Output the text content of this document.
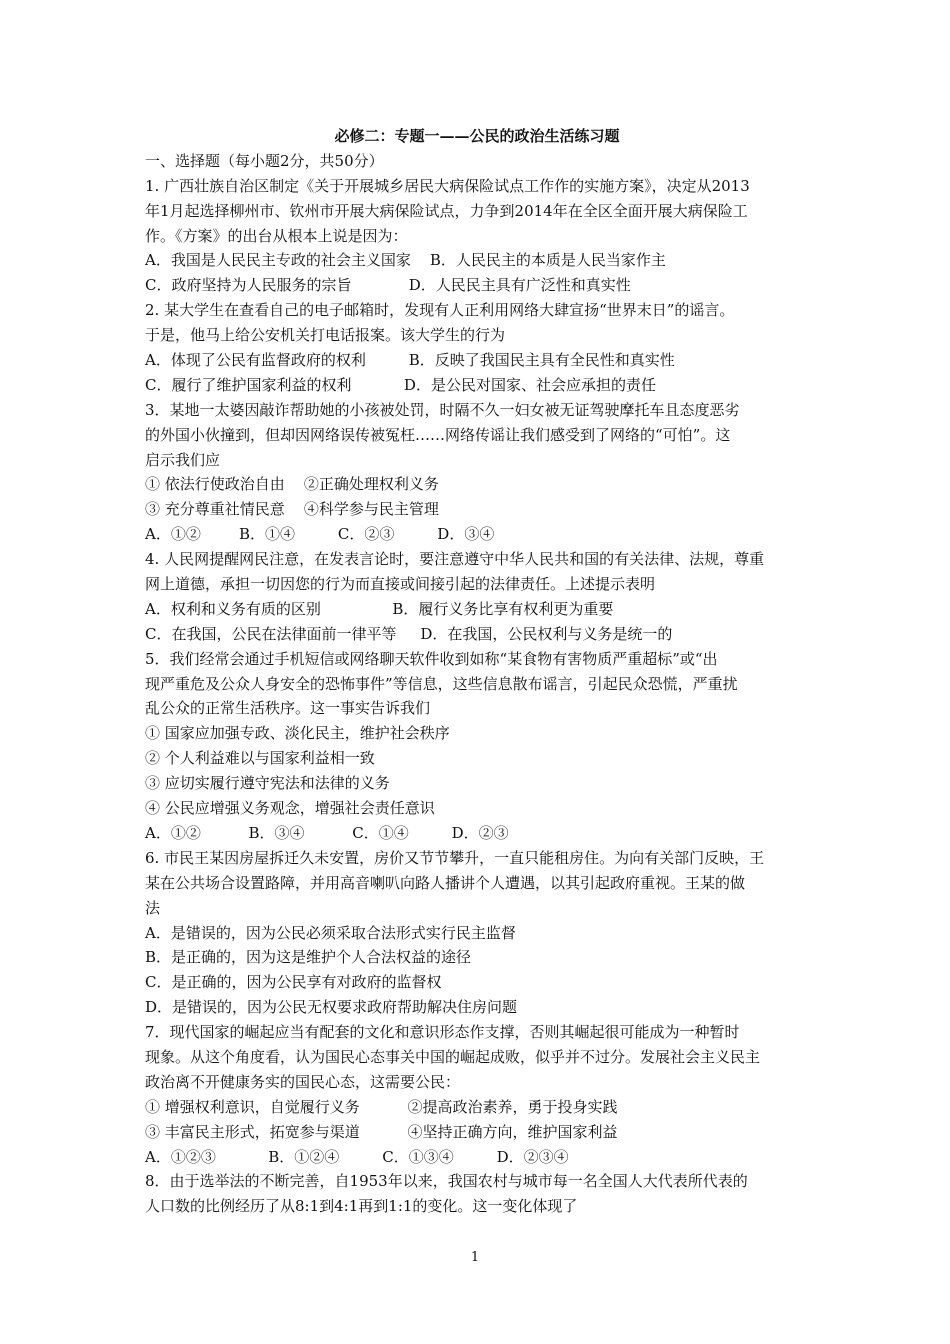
必修二：专题一——公民的政治生活练习题
一、选择题（每小题2分，共50分）
1. 广西壮族自治区制定《关于开展城乡居民大病保险试点工作作的实施方案》，决定从2013
年1月起选择柳州市、钦州市开展大病保险试点，力争到2014年在全区全面开展大病保险工
作。《方案》的出台从根本上说是因为：
A．我国是人民民主专政的社会主义国家    B．人民民主的本质是人民当家作主
C．政府坚持为人民服务的宗旨            D．人民民主具有广泛性和真实性
2. 某大学生在查看自己的电子邮箱时，发现有人正利用网络大肆宣扬“世界末日”的谣言。
于是，他马上给公安机关打电话报案。该大学生的行为
A．体现了公民有监督政府的权利         B．反映了我国民主具有全民性和真实性
C．履行了维护国家利益的权利           D．是公民对国家、社会应承担的责任
3．某地一太婆因敲诈帮助她的小孩被处罚，时隔不久一妇女被无证驾驶摩托车且态度恶劣
的外国小伙撞到，但却因网络误传被冤枉……网络传谣让我们感受到了网络的“可怕”。这
启示我们应
① 依法行使政治自由    ②正确处理权利义务
③ 充分尊重社情民意    ④科学参与民主管理
A．①②        B．①④         C．②③         D．③④
4. 人民网提醒网民注意，在发表言论时，要注意遵守中华人民共和国的有关法律、法规，尊重
网上道德，承担一切因您的行为而直接或间接引起的法律责任。上述提示表明
A．权利和义务有质的区别               B．履行义务比享有权利更为重要
C．在我国，公民在法律面前一律平等     D．在我国，公民权利与义务是统一的
5．我们经常会通过手机短信或网络聊天软件收到如称“某食物有害物质严重超标”或“出
现严重危及公众人身安全的恐怖事件”等信息，这些信息散布谣言，引起民众恐慌，严重扰
乱公众的正常生活秩序。这一事实告诉我们
① 国家应加强专政、淡化民主，维护社会秩序
② 个人利益难以与国家利益相一致
③ 应切实履行遵守宪法和法律的义务
④ 公民应增强义务观念，增强社会责任意识
A．①②          B．③④          C．①④         D．②③
6. 市民王某因房屋拆迁久未安置，房价又节节攀升，一直只能租房住。为向有关部门反映，王
某在公共场合设置路障，并用高音喇叭向路人播讲个人遭遇，以其引起政府重视。王某的做
法
A．是错误的，因为公民必须采取合法形式实行民主监督
B．是正确的，因为这是维护个人合法权益的途径
C．是正确的，因为公民享有对政府的监督权
D．是错误的，因为公民无权要求政府帮助解决住房问题
7．现代国家的崛起应当有配套的文化和意识形态作支撑，否则其崛起很可能成为一种暂时
现象。从这个角度看，认为国民心态事关中国的崛起成败，似乎并不过分。发展社会主义民主
政治离不开健康务实的国民心态，这需要公民：
① 增强权利意识，自觉履行义务          ②提高政治素养，勇于投身实践
③ 丰富民主形式，拓宽参与渠道          ④坚持正确方向，维护国家利益
A．①②③           B．①②④         C．①③④         D．②③④
8．由于选举法的不断完善，自1953年以来，我国农村与城市每一名全国人大代表所代表的
人口数的比例经历了从8:1到4:1再到1:1的变化。这一变化体现了
1
